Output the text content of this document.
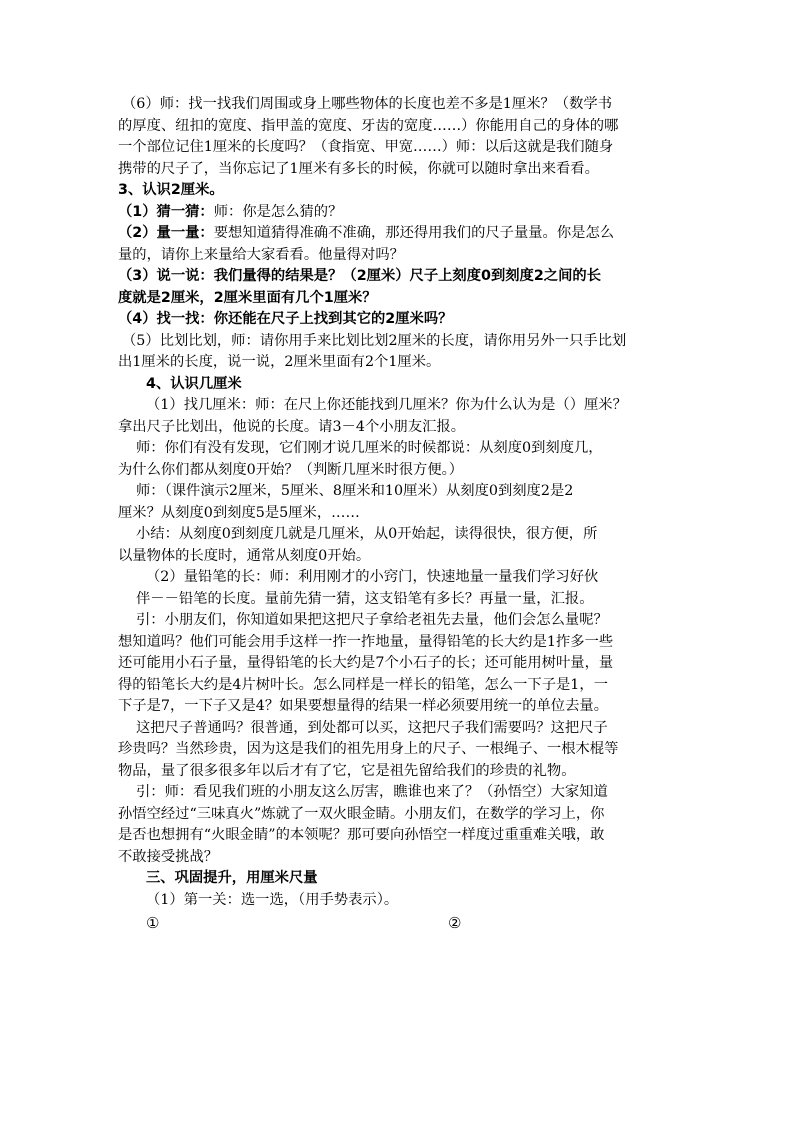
（6）师：找一找我们周围或身上哪些物体的长度也差不多是1厘米？（数学书
的厚度、纽扣的宽度、指甲盖的宽度、牙齿的宽度……）你能用自己的身体的哪
一个部位记住1厘米的长度吗？（食指宽、甲宽……）师：以后这就是我们随身
携带的尺子了，当你忘记了1厘米有多长的时候，你就可以随时拿出来看看。
3、认识2厘米。
（1）猜一猜：师：你是怎么猜的？
（2）量一量：要想知道猜得准确不准确，那还得用我们的尺子量量。你是怎么
量的，请你上来量给大家看看。他量得对吗？
（3）说一说：我们量得的结果是？（2厘米）尺子上刻度0到刻度2之间的长
度就是2厘米，2厘米里面有几个1厘米？
（4）找一找：你还能在尺子上找到其它的2厘米吗？
（5）比划比划，师：请你用手来比划比划2厘米的长度，请你用另外一只手比划
出1厘米的长度，说一说，2厘米里面有2个1厘米。
4、认识几厘米
（1）找几厘米：师：在尺上你还能找到几厘米？你为什么认为是（）厘米？
拿出尺子比划出，他说的长度。请3－4个小朋友汇报。
师：你们有没有发现，它们刚才说几厘米的时候都说：从刻度0到刻度几，
为什么你们都从刻度0开始？（判断几厘米时很方便。）
师：（课件演示2厘米，5厘米、8厘米和10厘米）从刻度0到刻度2是2
厘米？从刻度0到刻度5是5厘米，……
小结：从刻度0到刻度几就是几厘米，从0开始起，读得很快，很方便，所
以量物体的长度时，通常从刻度0开始。
（2）量铅笔的长：师：利用刚才的小窍门，快速地量一量我们学习好伙
伴－－铅笔的长度。量前先猜一猜，这支铅笔有多长？再量一量，汇报。
引：小朋友们，你知道如果把这把尺子拿给老祖先去量，他们会怎么量呢？
想知道吗？他们可能会用手这样一拃一拃地量，量得铅笔的长大约是1拃多一些
还可能用小石子量，量得铅笔的长大约是7个小石子的长；还可能用树叶量，量
得的铅笔长大约是4片树叶长。怎么同样是一样长的铅笔，怎么一下子是1，一
下子是7，一下子又是4？如果要想量得的结果一样必须要用统一的单位去量。
这把尺子普通吗？很普通，到处都可以买，这把尺子我们需要吗？这把尺子
珍贵吗？当然珍贵，因为这是我们的祖先用身上的尺子、一根绳子、一根木棍等
物品，量了很多很多年以后才有了它，它是祖先留给我们的珍贵的礼物。
引：师：看见我们班的小朋友这么厉害，瞧谁也来了？（孙悟空）大家知道
孙悟空经过“三味真火”炼就了一双火眼金睛。小朋友们，在数学的学习上，你
是否也想拥有“火眼金睛”的本领呢？那可要向孙悟空一样度过重重难关哦，敢
不敢接受挑战？
三、巩固提升，用厘米尺量
（1）第一关：选一选，（用手势表示）。
①	②
